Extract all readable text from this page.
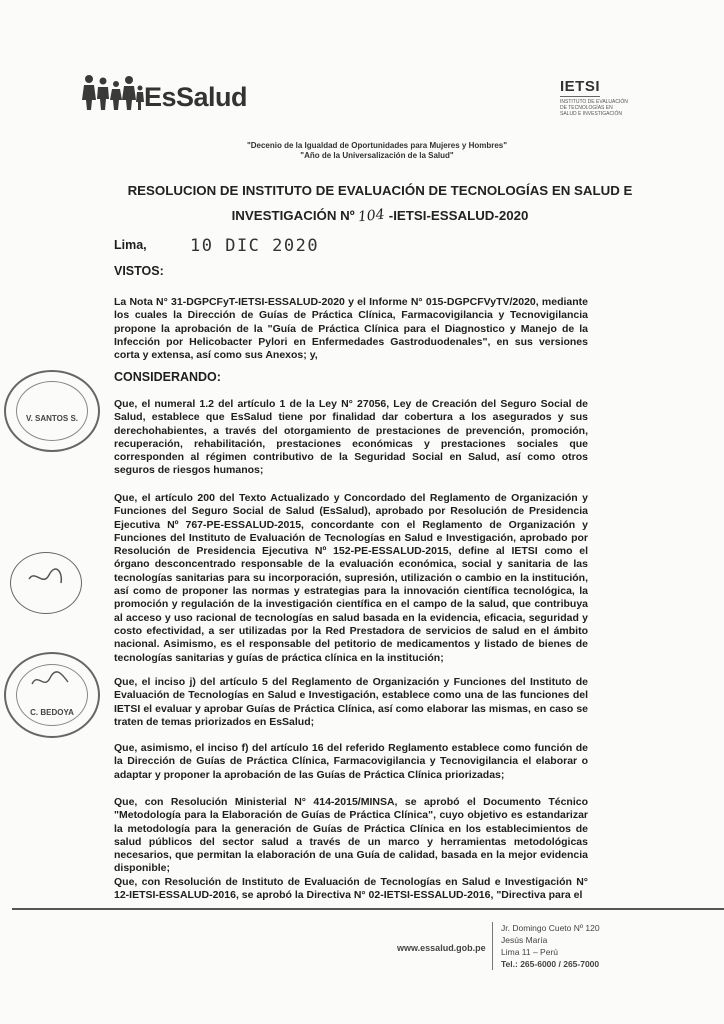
EsSalud	IETSI
INSTITUTO DE EVALUACIÓN DE TECNOLOGÍAS EN SALUD E INVESTIGACIÓN
"Decenio de la Igualdad de Oportunidades para Mujeres y Hombres"
"Año de la Universalización de la Salud"
RESOLUCION DE INSTITUTO DE EVALUACIÓN DE TECNOLOGÍAS EN SALUD E
INVESTIGACIÓN Nº 104 -IETSI-ESSALUD-2020
Lima,	10 DIC 2020
VISTOS:
La Nota N° 31-DGPCFyT-IETSI-ESSALUD-2020 y el Informe N° 015-DGPCFVyTV/2020, mediante los cuales la Dirección de Guías de Práctica Clínica, Farmacovigilancia y Tecnovigilancia propone la aprobación de la "Guía de Práctica Clínica para el Diagnostico y Manejo de la Infección por Helicobacter Pylori en Enfermedades Gastroduodenales", en sus versiones corta y extensa, así como sus Anexos; y,
CONSIDERANDO:
Que, el numeral 1.2 del artículo 1 de la Ley N° 27056, Ley de Creación del Seguro Social de Salud, establece que EsSalud tiene por finalidad dar cobertura a los asegurados y sus derechohabientes, a través del otorgamiento de prestaciones de prevención, promoción, recuperación, rehabilitación, prestaciones económicas y prestaciones sociales que corresponden al régimen contributivo de la Seguridad Social en Salud, así como otros seguros de riesgos humanos;
Que, el artículo 200 del Texto Actualizado y Concordado del Reglamento de Organización y Funciones del Seguro Social de Salud (EsSalud), aprobado por Resolución de Presidencia Ejecutiva Nº 767-PE-ESSALUD-2015, concordante con el Reglamento de Organización y Funciones del Instituto de Evaluación de Tecnologías en Salud e Investigación, aprobado por Resolución de Presidencia Ejecutiva Nº 152-PE-ESSALUD-2015, define al IETSI como el órgano desconcentrado responsable de la evaluación económica, social y sanitaria de las tecnologías sanitarias para su incorporación, supresión, utilización o cambio en la institución, así como de proponer las normas y estrategias para la innovación científica tecnológica, la promoción y regulación de la investigación científica en el campo de la salud, que contribuya al acceso y uso racional de tecnologías en salud basada en la evidencia, eficacia, seguridad y costo efectividad, a ser utilizadas por la Red Prestadora de servicios de salud en el ámbito nacional. Asimismo, es el responsable del petitorio de medicamentos y listado de bienes de tecnologías sanitarias y guías de práctica clínica en la institución;
Que, el inciso j) del artículo 5 del Reglamento de Organización y Funciones del Instituto de Evaluación de Tecnologías en Salud e Investigación, establece como una de las funciones del IETSI el evaluar y aprobar Guías de Práctica Clínica, así como elaborar las mismas, en caso se traten de temas priorizados en EsSalud;
Que, asimismo, el inciso f) del artículo 16 del referido Reglamento establece como función de la Dirección de Guías de Práctica Clínica, Farmacovigilancia y Tecnovigilancia el elaborar o adaptar y proponer la aprobación de las Guías de Práctica Clínica priorizadas;
Que, con Resolución Ministerial N° 414-2015/MINSA, se aprobó el Documento Técnico "Metodología para la Elaboración de Guías de Práctica Clínica", cuyo objetivo es estandarizar la metodología para la generación de Guías de Práctica Clínica en los establecimientos de salud públicos del sector salud a través de un marco y herramientas metodológicas necesarios, que permitan la elaboración de una Guía de calidad, basada en la mejor evidencia disponible;
Que, con Resolución de Instituto de Evaluación de Tecnologías en Salud e Investigación N° 12-IETSI-ESSALUD-2016, se aprobó la Directiva N° 02-IETSI-ESSALUD-2016, "Directiva para el
V. SANTOS S.
C. BEDOYA
www.essalud.gob.pe
Jr. Domingo Cueto Nº 120
Jesús María
Lima 11 – Perú
Tel.: 265-6000 / 265-7000
